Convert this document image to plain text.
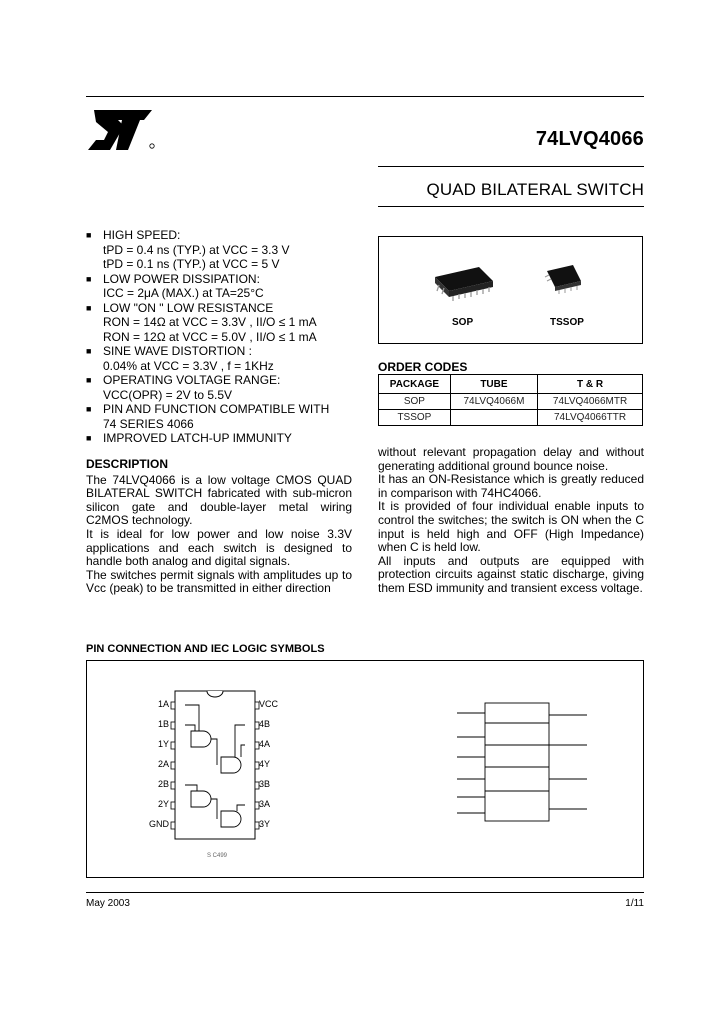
74LVQ4066
QUAD BILATERAL SWITCH
■ HIGH SPEED:
tPD = 0.4 ns (TYP.) at VCC = 3.3 V
tPD = 0.1 ns (TYP.) at VCC = 5 V
■ LOW POWER DISSIPATION:
ICC = 2μA (MAX.) at TA=25°C
■ LOW "ON " LOW RESISTANCE
RON = 14Ω at VCC = 3.3V , II/O ≤ 1 mA
RON = 12Ω at VCC = 5.0V , II/O ≤ 1 mA
■ SINE WAVE DISTORTION :
0.04% at VCC = 3.3V , f = 1KHz
■ OPERATING VOLTAGE RANGE:
VCC(OPR) = 2V to 5.5V
■ PIN AND FUNCTION COMPATIBLE WITH
74 SERIES 4066
■ IMPROVED LATCH-UP IMMUNITY
SOP	TSSOP
ORDER CODES
PACKAGE	TUBE	T & R
SOP	74LVQ4066M	74LVQ4066MTR
TSSOP		74LVQ4066TTR

DESCRIPTION

The 74LVQ4066 is a low voltage CMOS QUAD BILATERAL SWITCH fabricated with sub-micron silicon gate and double-layer metal wiring C2MOS technology.

It is ideal for low power and low noise 3.3V applications and each switch is designed to handle both analog and digital signals.

The switches permit signals with amplitudes up to Vcc (peak) to be transmitted in either direction

without relevant propagation delay and without generating additional ground bounce noise.

It has an ON-Resistance which is greatly reduced in comparison with 74HC4066.

It is provided of four individual enable inputs to control the switches; the switch is ON when the C input is held high and OFF (High Impedance) when C is held low.

All inputs and outputs are equipped with protection circuits against static discharge, giving them ESD immunity and transient excess voltage.

PIN CONNECTION AND IEC LOGIC SYMBOLS
S C499
1A	VCC
1B	4B
1Y	4A
2A	4Y
2B	3B
2Y	3A
GND	3Y
May 2003	1/11
